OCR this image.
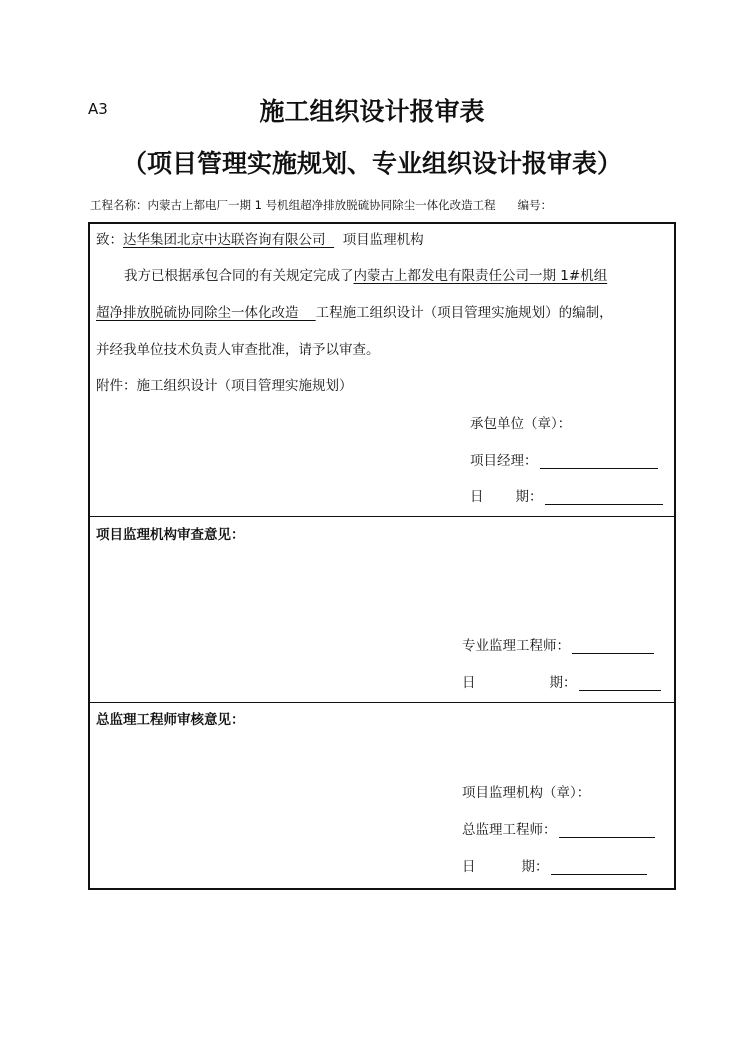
A3	施工组织设计报审表
（项目管理实施规划、专业组织设计报审表）
工程名称：内蒙古上都电厂一期 1 号机组超净排放脱硫协同除尘一体化改造工程 编号：
致：达华集团北京中达联咨询有限公司 项目监理机构
我方已根据承包合同的有关规定完成了内蒙古上都发电有限责任公司一期 1#机组
超净排放脱硫协同除尘一体化改造 工程施工组织设计（项目管理实施规划）的编制，
并经我单位技术负责人审查批准，请予以审查。
附件：施工组织设计（项目管理实施规划）
承包单位（章）：
项目经理：
日 期：
项目监理机构审查意见：
专业监理工程师：
日	期：
总监理工程师审核意见：
项目监理机构（章）：
总监理工程师：
日	期：
